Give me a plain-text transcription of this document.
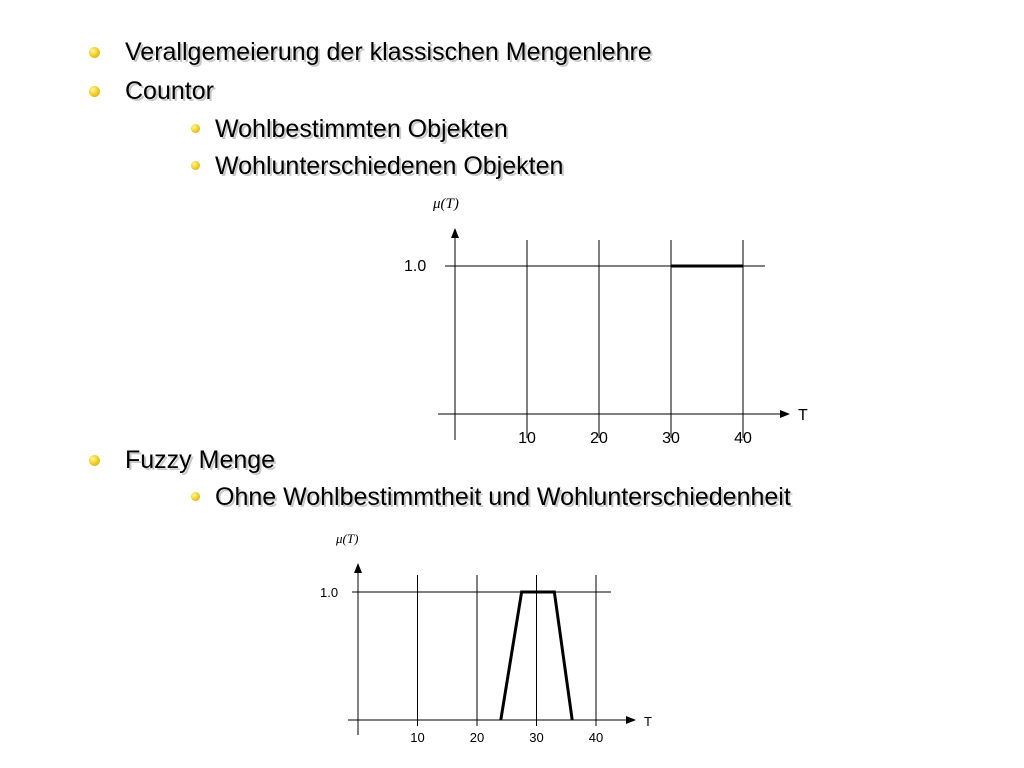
Verallgemeierung der klassischen Mengenlehre
Countor
Wohlbestimmten Objekten
Wohlunterschiedenen Objekten
Fuzzy Menge
Ohne Wohlbestimmtheit und Wohlunterschiedenheit
10	20	30	40
1.0
T
μ(T)
10	20	30	40
1.0
T
μ(T)
